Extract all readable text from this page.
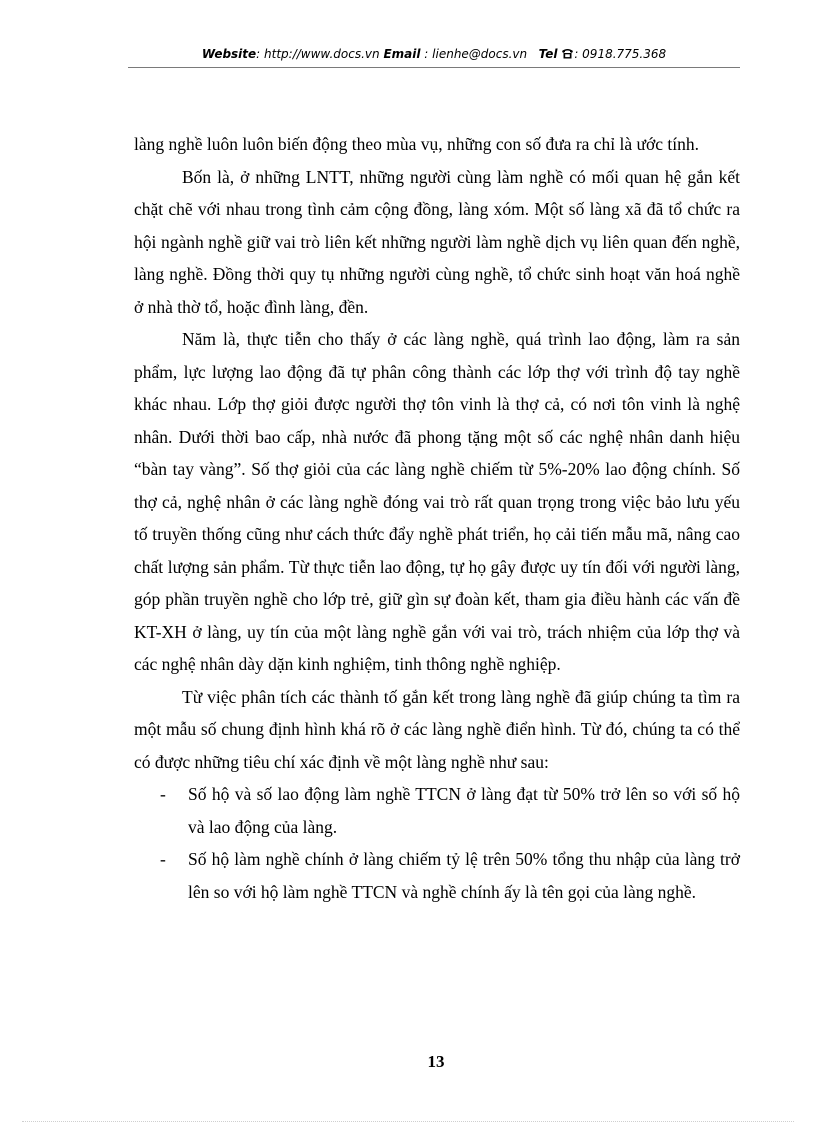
Website: http://www.docs.vn Email : lienhe@docs.vn Tel : 0918.775.368

làng nghề luôn luôn biến động theo mùa vụ, những con số đưa ra chỉ là ước tính.

Bốn là, ở những LNTT, những người cùng làm nghề có mối quan hệ gắn kết chặt chẽ với nhau trong tình cảm cộng đồng, làng xóm. Một số làng xã đã tổ chức ra hội ngành nghề giữ vai trò liên kết những người làm nghề dịch vụ liên quan đến nghề, làng nghề. Đồng thời quy tụ những người cùng nghề, tổ chức sinh hoạt văn hoá nghề ở nhà thờ tổ, hoặc đình làng, đền.

Năm là, thực tiễn cho thấy ở các làng nghề, quá trình lao động, làm ra sản phẩm, lực lượng lao động đã tự phân công thành các lớp thợ với trình độ tay nghề khác nhau. Lớp thợ giỏi được người thợ tôn vinh là thợ cả, có nơi tôn vinh là nghệ nhân. Dưới thời bao cấp, nhà nước đã phong tặng một số các nghệ nhân danh hiệu “bàn tay vàng”. Số thợ giỏi của các làng nghề chiếm từ 5%-20% lao động chính. Số thợ cả, nghệ nhân ở các làng nghề đóng vai trò rất quan trọng trong việc bảo lưu yếu tố truyền thống cũng như cách thức đẩy nghề phát triển, họ cải tiến mẫu mã, nâng cao chất lượng sản phẩm. Từ thực tiễn lao động, tự họ gây được uy tín đối với người làng, góp phần truyền nghề cho lớp trẻ, giữ gìn sự đoàn kết, tham gia điều hành các vấn đề KT-XH ở làng, uy tín của một làng nghề gắn với vai trò, trách nhiệm của lớp thợ và các nghệ nhân dày dặn kinh nghiệm, tinh thông nghề nghiệp.

Từ việc phân tích các thành tố gắn kết trong làng nghề đã giúp chúng ta tìm ra một mẫu số chung định hình khá rõ ở các làng nghề điển hình. Từ đó, chúng ta có thể có được những tiêu chí xác định về một làng nghề như sau:

-	Số hộ và số lao động làm nghề TTCN ở làng đạt từ 50% trở lên so với số hộ và lao động của làng.
-	Số hộ làm nghề chính ở làng chiếm tỷ lệ trên 50% tổng thu nhập của làng trở lên so với hộ làm nghề TTCN và nghề chính ấy là tên gọi của làng nghề.
13
